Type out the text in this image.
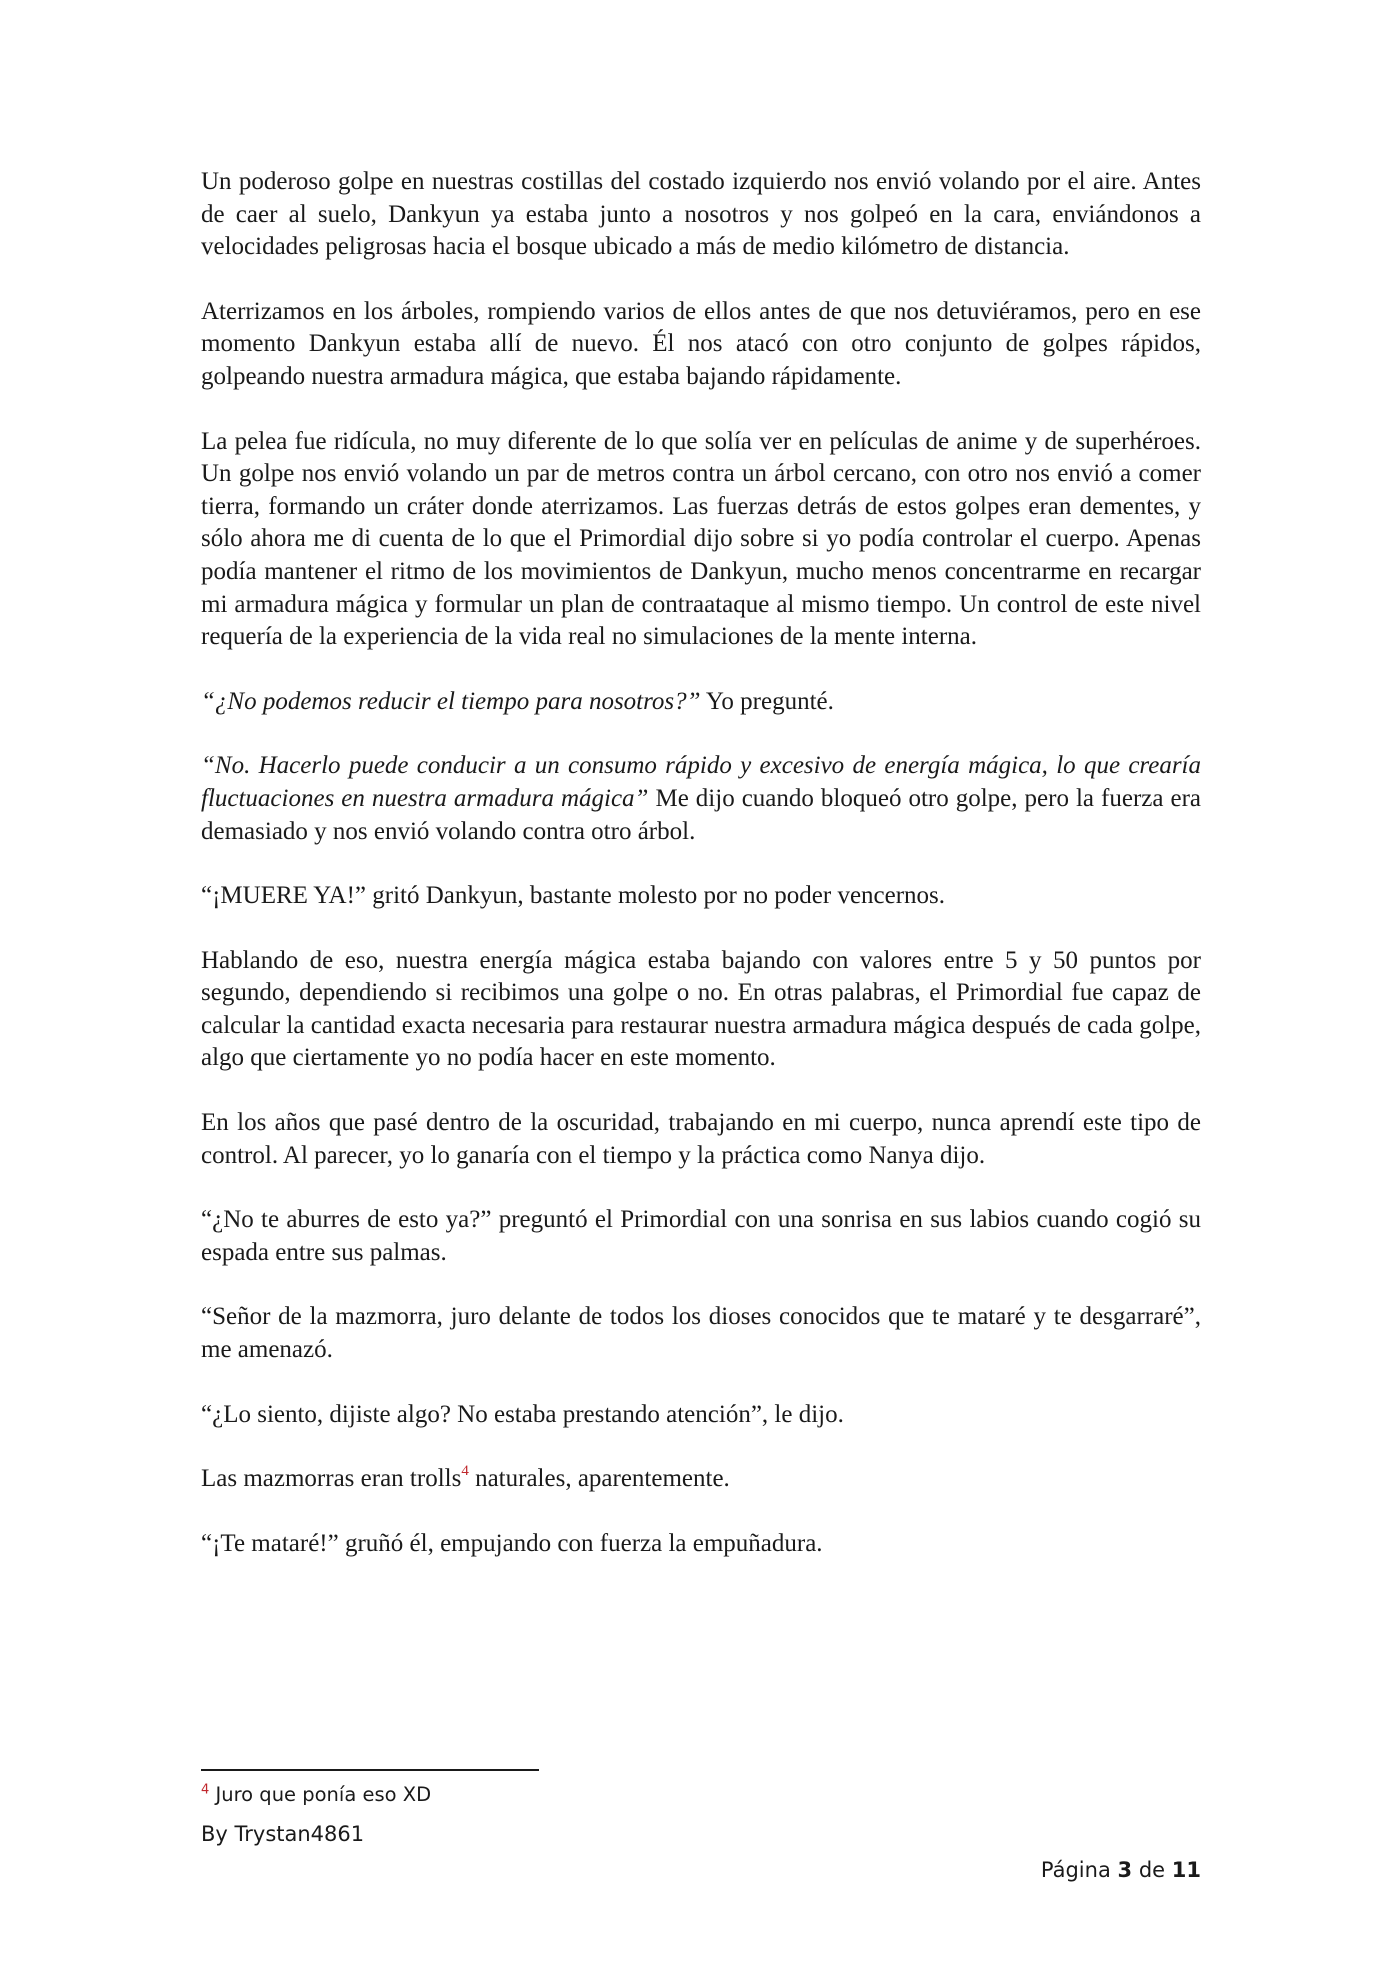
Un poderoso golpe en nuestras costillas del costado izquierdo nos envió volando por el aire. Antes de caer al suelo, Dankyun ya estaba junto a nosotros y nos golpeó en la cara, enviándonos a velocidades peligrosas hacia el bosque ubicado a más de medio kilómetro de distancia.

Aterrizamos en los árboles, rompiendo varios de ellos antes de que nos detuviéramos, pero en ese momento Dankyun estaba allí de nuevo. Él nos atacó con otro conjunto de golpes rápidos, golpeando nuestra armadura mágica, que estaba bajando rápidamente.

La pelea fue ridícula, no muy diferente de lo que solía ver en películas de anime y de superhéroes. Un golpe nos envió volando un par de metros contra un árbol cercano, con otro nos envió a comer tierra, formando un cráter donde aterrizamos. Las fuerzas detrás de estos golpes eran dementes, y sólo ahora me di cuenta de lo que el Primordial dijo sobre si yo podía controlar el cuerpo. Apenas podía mantener el ritmo de los movimientos de Dankyun, mucho menos concentrarme en recargar mi armadura mágica y formular un plan de contraataque al mismo tiempo. Un control de este nivel requería de la experiencia de la vida real no simulaciones de la mente interna.

“¿No podemos reducir el tiempo para nosotros?” Yo pregunté.

“No. Hacerlo puede conducir a un consumo rápido y excesivo de energía mágica, lo que crearía fluctuaciones en nuestra armadura mágica” Me dijo cuando bloqueó otro golpe, pero la fuerza era demasiado y nos envió volando contra otro árbol.

“¡MUERE YA!” gritó Dankyun, bastante molesto por no poder vencernos.

Hablando de eso, nuestra energía mágica estaba bajando con valores entre 5 y 50 puntos por segundo, dependiendo si recibimos una golpe o no. En otras palabras, el Primordial fue capaz de calcular la cantidad exacta necesaria para restaurar nuestra armadura mágica después de cada golpe, algo que ciertamente yo no podía hacer en este momento.

En los años que pasé dentro de la oscuridad, trabajando en mi cuerpo, nunca aprendí este tipo de control. Al parecer, yo lo ganaría con el tiempo y la práctica como Nanya dijo.

“¿No te aburres de esto ya?” preguntó el Primordial con una sonrisa en sus labios cuando cogió su espada entre sus palmas.

“Señor de la mazmorra, juro delante de todos los dioses conocidos que te mataré y te desgarraré”, me amenazó.

“¿Lo siento, dijiste algo? No estaba prestando atención”, le dijo.

Las mazmorras eran trolls$^4$ naturales, aparentemente.

“¡Te mataré!” gruñó él, empujando con fuerza la empuñadura.

$^4$ Juro que ponía eso XD
By Trystan4861
Página 3 de 11
